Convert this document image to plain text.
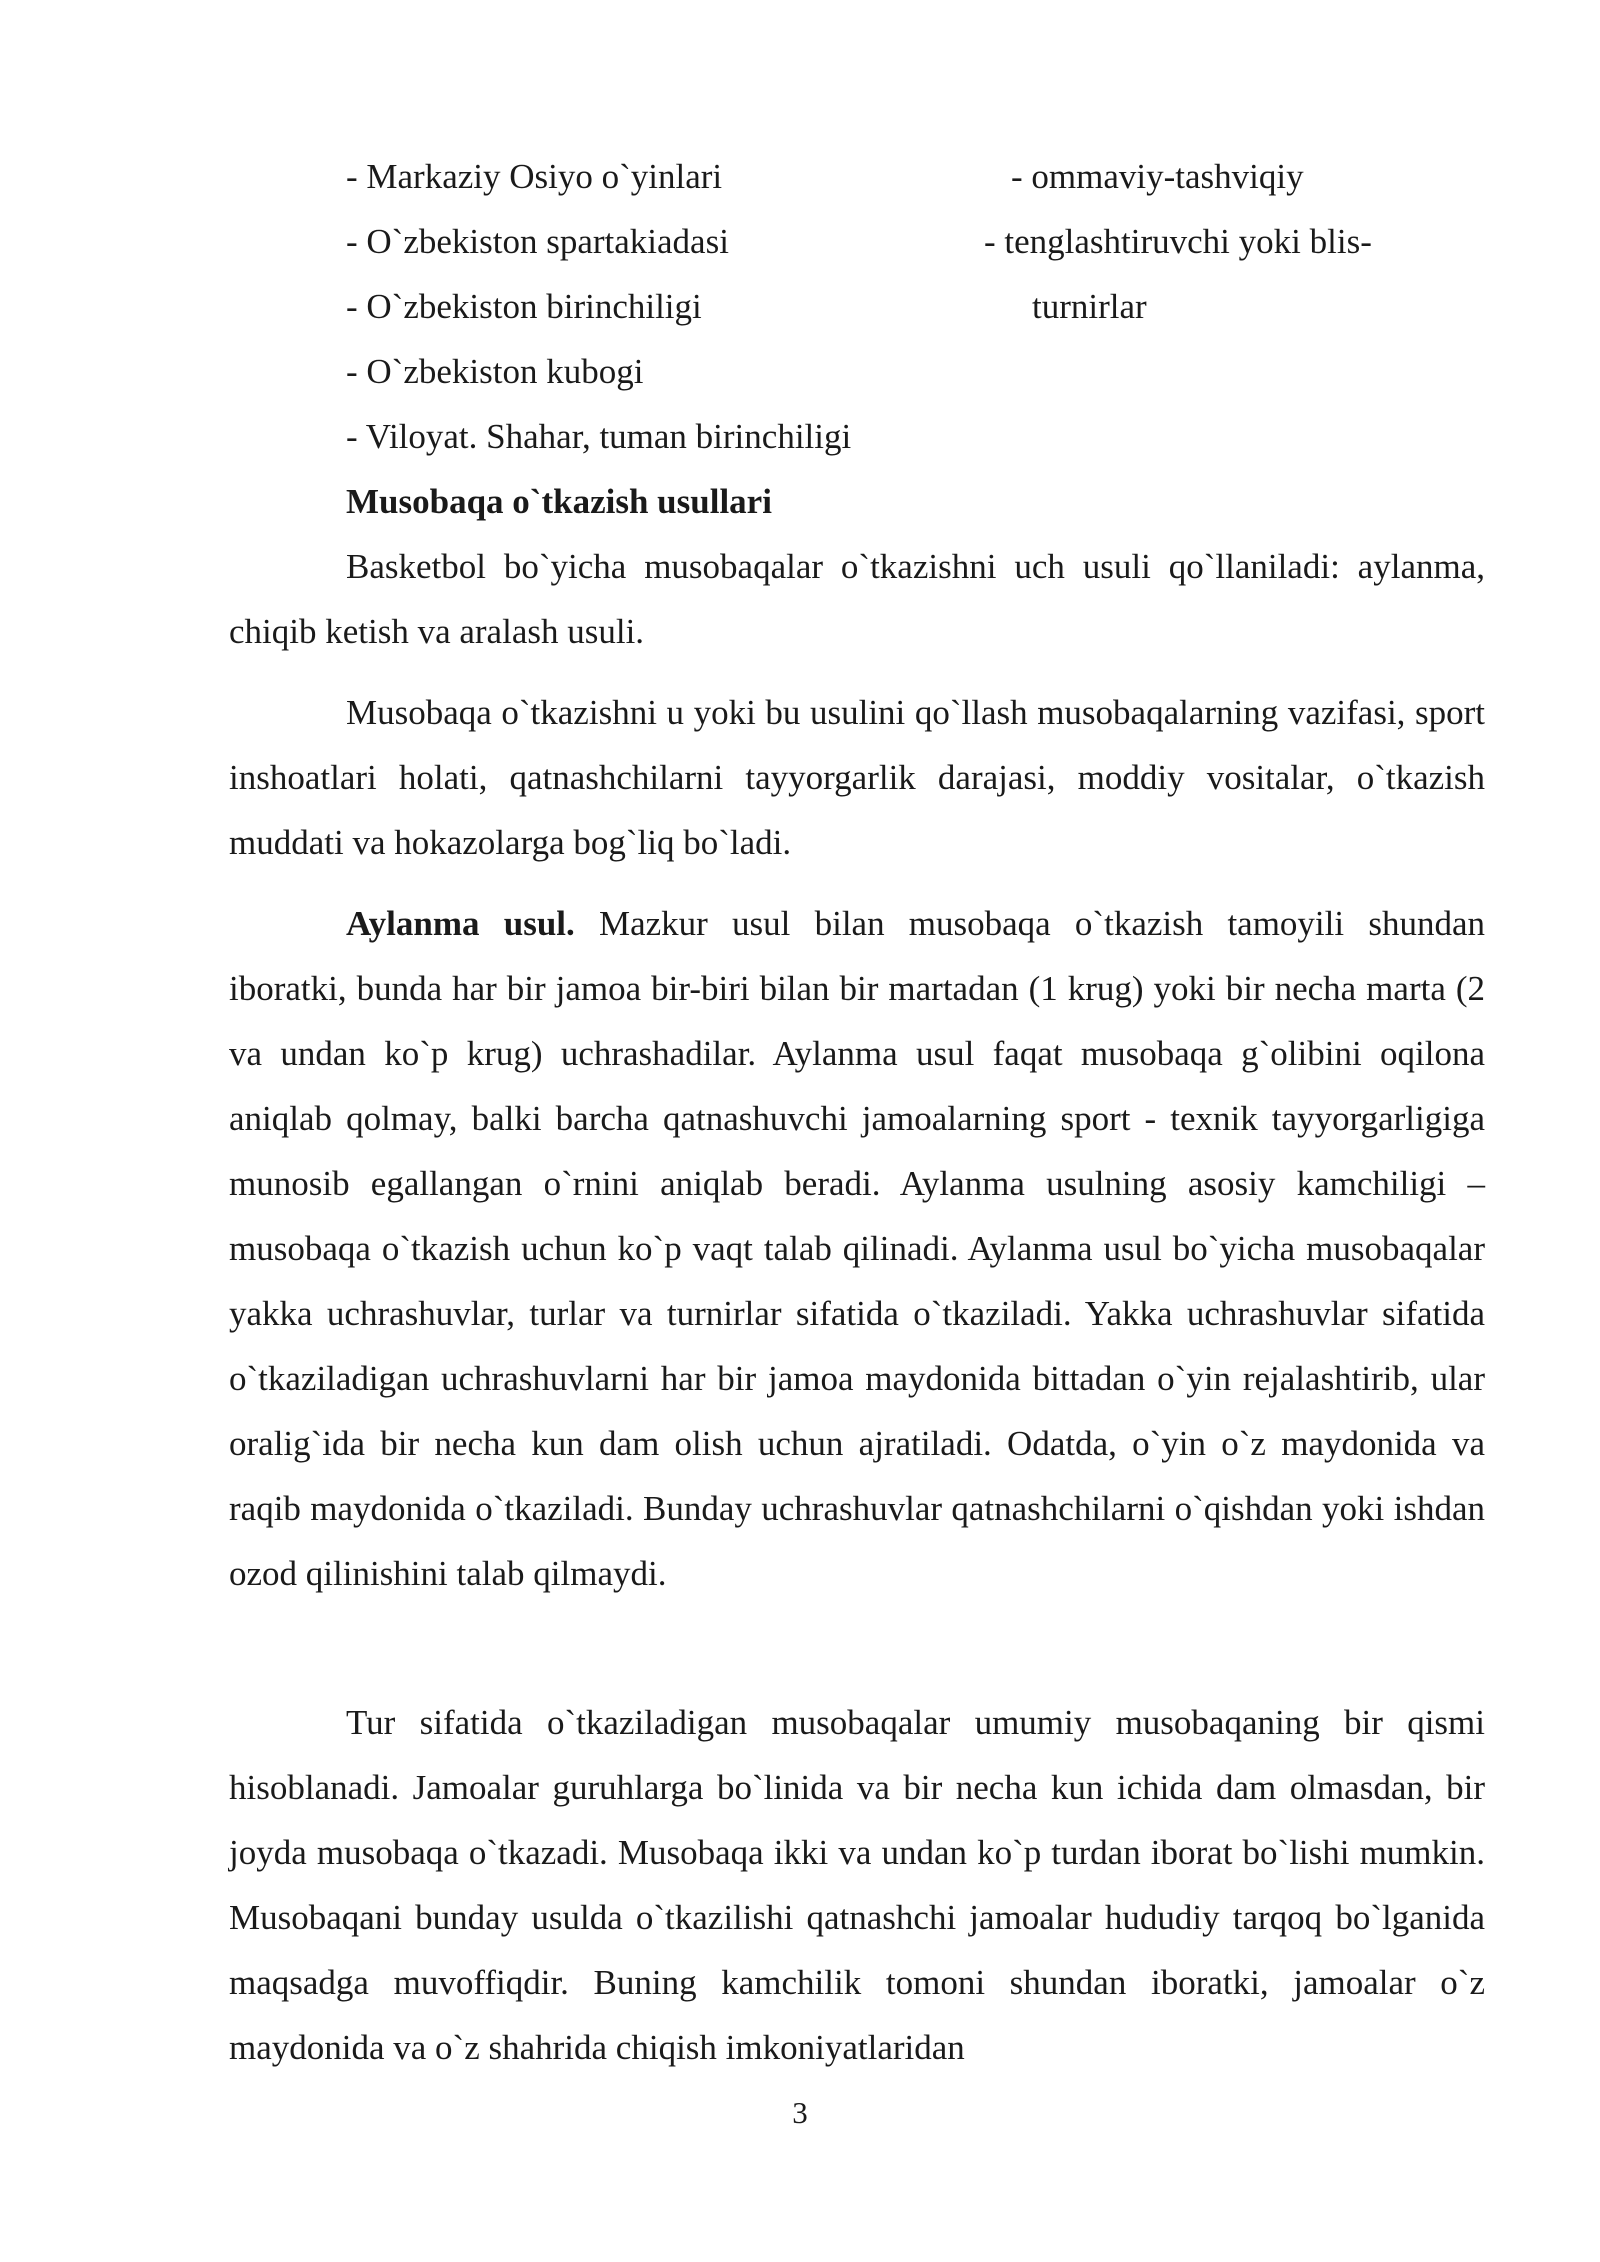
- Markaziy Osiyo o`yinlari	- ommaviy-tashviqiy
- O`zbekiston spartakiadasi	- tenglashtiruvchi yoki blis-
- O`zbekiston birinchiligi	turnirlar
- O`zbekiston kubogi
- Viloyat. Shahar, tuman birinchiligi
Musobaqa o`tkazish usullari

Basketbol bo`yicha musobaqalar o`tkazishni uch usuli qo`llaniladi: aylanma, chiqib ketish va aralash usuli.

Musobaqa o`tkazishni u yoki bu usulini qo`llash musobaqalarning vazifasi, sport inshoatlari holati, qatnashchilarni tayyorgarlik darajasi, moddiy vositalar, o`tkazish muddati va hokazolarga bog`liq bo`ladi.

Aylanma usul. Mazkur usul bilan musobaqa o`tkazish tamoyili shundan iboratki, bunda har bir jamoa bir-biri bilan bir martadan (1 krug) yoki bir necha marta (2 va undan ko`p krug) uchrashadilar. Aylanma usul faqat musobaqa g`olibini oqilona aniqlab qolmay, balki barcha qatnashuvchi jamoalarning sport - texnik tayyorgarligiga munosib egallangan o`rnini aniqlab beradi. Aylanma usulning asosiy kamchiligi – musobaqa o`tkazish uchun ko`p vaqt talab qilinadi. Aylanma usul bo`yicha musobaqalar yakka uchrashuvlar, turlar va turnirlar sifatida o`tkaziladi. Yakka uchrashuvlar sifatida o`tkaziladigan uchrashuvlarni har bir jamoa maydonida bittadan o`yin rejalashtirib, ular oralig`ida bir necha kun dam olish uchun ajratiladi. Odatda, o`yin o`z maydonida va raqib maydonida o`tkaziladi. Bunday uchrashuvlar qatnashchilarni o`qishdan yoki ishdan ozod qilinishini talab qilmaydi.

Tur sifatida o`tkaziladigan musobaqalar umumiy musobaqaning bir qismi hisoblanadi. Jamoalar guruhlarga bo`linida va bir necha kun ichida dam olmasdan, bir joyda musobaqa o`tkazadi. Musobaqa ikki va undan ko`p turdan iborat bo`lishi mumkin. Musobaqani bunday usulda o`tkazilishi qatnashchi jamoalar hududiy tarqoq bo`lganida maqsadga muvoffiqdir. Buning kamchilik tomoni shundan iboratki, jamoalar o`z maydonida va o`z shahrida chiqish imkoniyatlaridan

3
